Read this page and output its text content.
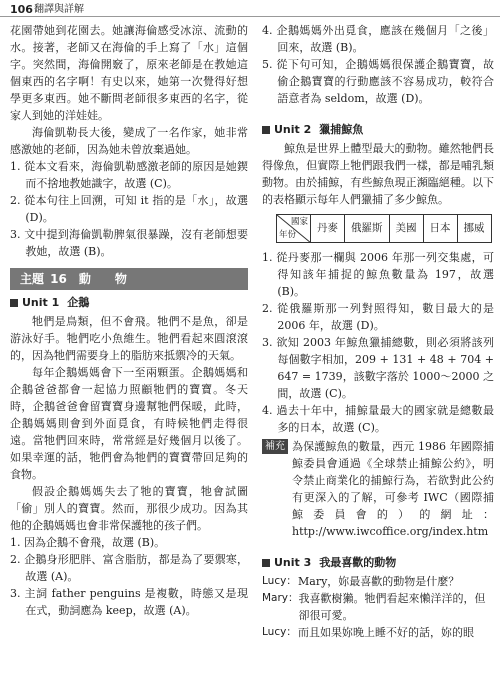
106 翻譯與詳解

花園帶她到花園去。她讓海倫感受冰涼、流動的水。接著，老師又在海倫的手上寫了「水」這個字。突然間，海倫開竅了，原來老師是在教她這個東西的名字啊！有史以來，她第一次覺得好想學更多東西。她不斷問老師很多東西的名字，從家人到她的洋娃娃。

海倫凱勒長大後，變成了一名作家，她非常感激她的老師，因為她未曾放棄過她。

1. 從本文看來，海倫凱勒感激老師的原因是她鍥而不捨地教她識字，故選 (C)。
2. 從本句往上回溯，可知 it 指的是「水」，故選 (D)。
3. 文中提到海倫凱勒脾氣很暴躁，沒有老師想要教她，故選 (B)。
主題 16　動　　物
Unit 1 企鵝

牠們是鳥類，但不會飛。牠們不是魚，卻是游泳好手。牠們吃小魚維生。牠們看起來圓滾滾的，因為牠們需要身上的脂肪來抵禦冷的天氣。

每年企鵝媽媽會下一至兩顆蛋。企鵝媽媽和企鵝爸爸都會一起協力照顧牠們的寶寶。冬天時，企鵝爸爸會留寶寶身邊幫牠們保暖，此時，企鵝媽媽則會到外面覓食，有時候牠們走得很遠。當牠們回來時，常常經是好幾個月以後了。如果幸運的話，牠們會為牠們的寶寶帶回足夠的食物。

假設企鵝媽媽失去了牠的寶寶，牠會試圖「偷」別人的寶寶。然而，那很少成功。因為其他的企鵝媽媽也會非常保護牠的孩子們。

1. 因為企鵝不會飛，故選 (B)。
2. 企鵝身形肥胖、富含脂肪，都是為了要禦寒，故選 (A)。
3. 主詞 father penguins 是複數，時態又是現在式，動詞應為 keep，故選 (A)。
4. 企鵝媽媽外出覓食，應該在幾個月「之後」回來，故選 (B)。
5. 從下句可知，企鵝媽媽很保護企鵝寶寶，故偷企鵝寶寶的行動應該不容易成功，較符合語意者為 seldom，故選 (D)。
Unit 2 獵捕鯨魚

鯨魚是世界上體型最大的動物。雖然牠們長得像魚，但實際上牠們跟我們一樣，都是哺乳類動物。由於捕鯨，有些鯨魚現正瀕臨絕種。以下的表格顯示每年人們獵捕了多少鯨魚。

國家
年份
	丹麥	俄羅斯	美國	日本	挪威
1. 從丹麥那一欄與 2006 年那一列交集處，可得知該年捕捉的鯨魚數量為 197，故選 (B)。
2. 從俄羅斯那一列對照得知，數目最大的是 2006 年，故選 (D)。
3. 欲知 2003 年鯨魚獵捕總數，則必須將該列每個數字相加，209 + 131 + 48 + 704 + 647 = 1739，該數字落於 1000～2000 之間，故選 (C)。
4. 過去十年中，捕鯨量最大的國家就是總數最多的日本，故選 (C)。
補充 為保護鯨魚的數量，西元 1986 年國際捕鯨委員會通過《全球禁止捕鯨公約》，明令禁止商業化的捕鯨行為，若欲對此公約有更深入的了解，可參考 IWC（國際捕鯨委員會的）的網址：http://www.iwcoffice.org/index.htm
Unit 3 我最喜歡的動物
Lucy： Mary，妳最喜歡的動物是什麼？
Mary： 我喜歡樹獺。牠們看起來懶洋洋的，但卻很可愛。
Lucy： 而且如果妳晚上睡不好的話，妳的眼
